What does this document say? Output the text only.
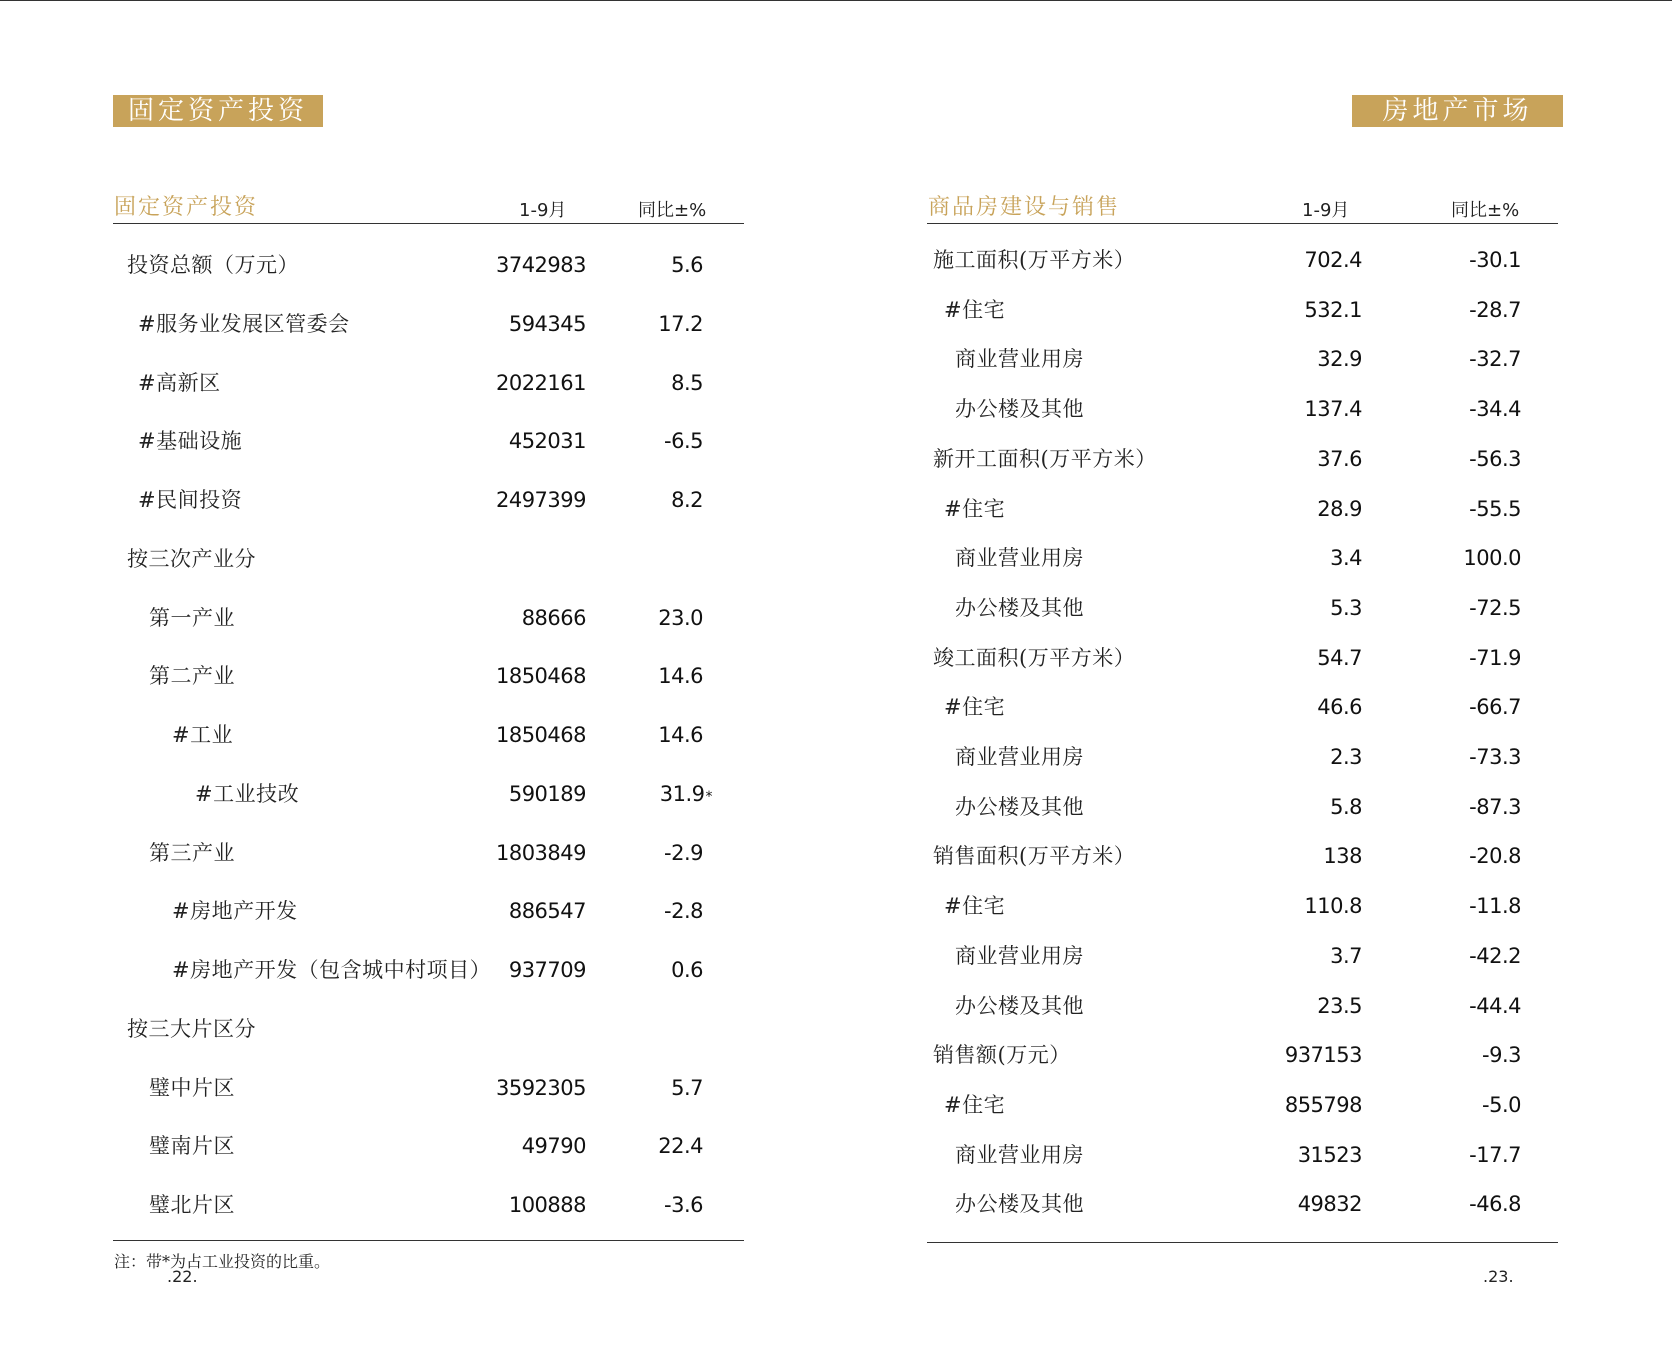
固定资产投资
固定资产投资	1-9月	同比±%
投资总额（万元）	3742983	5.6
#服务业发展区管委会	594345	17.2
#高新区	2022161	8.5
#基础设施	452031	-6.5
#民间投资	2497399	8.2
按三次产业分
第一产业	88666	23.0
第二产业	1850468	14.6
#工业	1850468	14.6
#工业技改	590189	31.9*
第三产业	1803849	-2.9
#房地产开发	886547	-2.8
#房地产开发（包含城中村项目） 937709	0.6
按三大片区分
璧中片区	3592305	5.7
璧南片区	49790	22.4
璧北片区	100888	-3.6
注：带*为占工业投资的比重。
.22.
房地产市场
商品房建设与销售	1-9月	同比±%
施工面积(万平方米）	702.4	-30.1
#住宅	532.1	-28.7
商业营业用房	32.9	-32.7
办公楼及其他	137.4	-34.4
新开工面积(万平方米）	37.6	-56.3
#住宅	28.9	-55.5
商业营业用房	3.4	100.0
办公楼及其他	5.3	-72.5
竣工面积(万平方米）	54.7	-71.9
#住宅	46.6	-66.7
商业营业用房	2.3	-73.3
办公楼及其他	5.8	-87.3
销售面积(万平方米）	138	-20.8
#住宅	110.8	-11.8
商业营业用房	3.7	-42.2
办公楼及其他	23.5	-44.4
销售额(万元）	937153	-9.3
#住宅	855798	-5.0
商业营业用房	31523	-17.7
办公楼及其他	49832	-46.8
.23.
